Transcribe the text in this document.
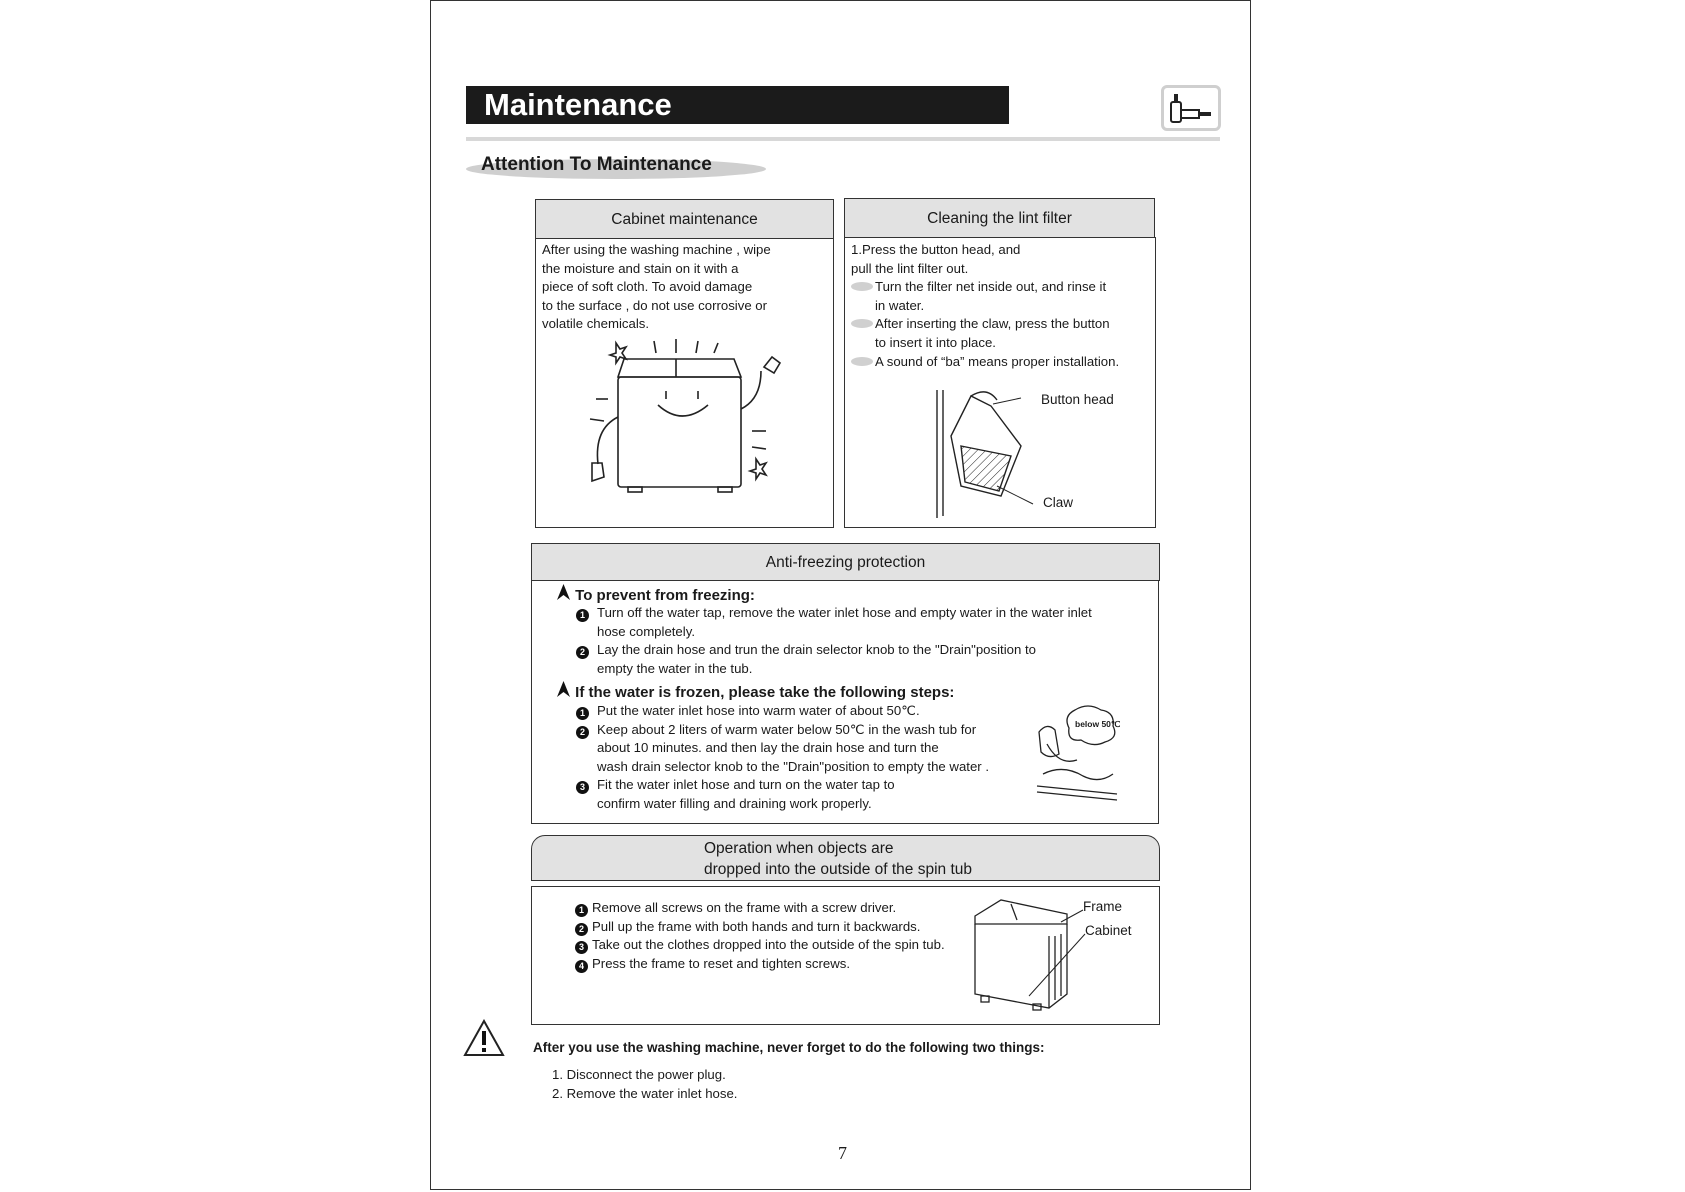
Maintenance
Attention To Maintenance
Cabinet maintenance
After using the washing machine , wipe
the moisture and stain on it with a
piece of soft cloth. To avoid damage
to the surface , do not use corrosive or
volatile chemicals.
Cleaning the lint filter
1.Press the button head, and
pull the lint filter out.
Turn the filter net inside out, and rinse it
in water.
After inserting the claw, press the button
to insert it into place.
A sound of “ba” means proper installation.
Button head
Claw
Anti-freezing protection
To prevent from freezing:
1 Turn off the water tap, remove the water inlet hose and empty water in the water inlet
hose completely.
2 Lay the drain hose and trun the drain selector knob to the "Drain"position to
empty the water in the tub.
If the water is frozen, please take the following steps:
1 Put the water inlet hose into warm water of about 50℃.
2 Keep about 2 liters of warm water below 50℃ in the wash tub for
about 10 minutes. and then lay the drain hose and turn the
wash drain selector knob to the "Drain"position to empty the water .
3 Fit the water inlet hose and turn on the water tap to
confirm water filling and draining work properly.
below 50℃
Operation when objects are
dropped into the outside of the spin tub
1 Remove all screws on the frame with a screw driver.
2 Pull up the frame with both hands and turn it backwards.
3 Take out the clothes dropped into the outside of the spin tub.
4 Press the frame to reset and tighten screws.
Frame
Cabinet
After you use the washing machine, never forget to do the following two things:
1. Disconnect the power plug.
2. Remove the water inlet hose.
7
